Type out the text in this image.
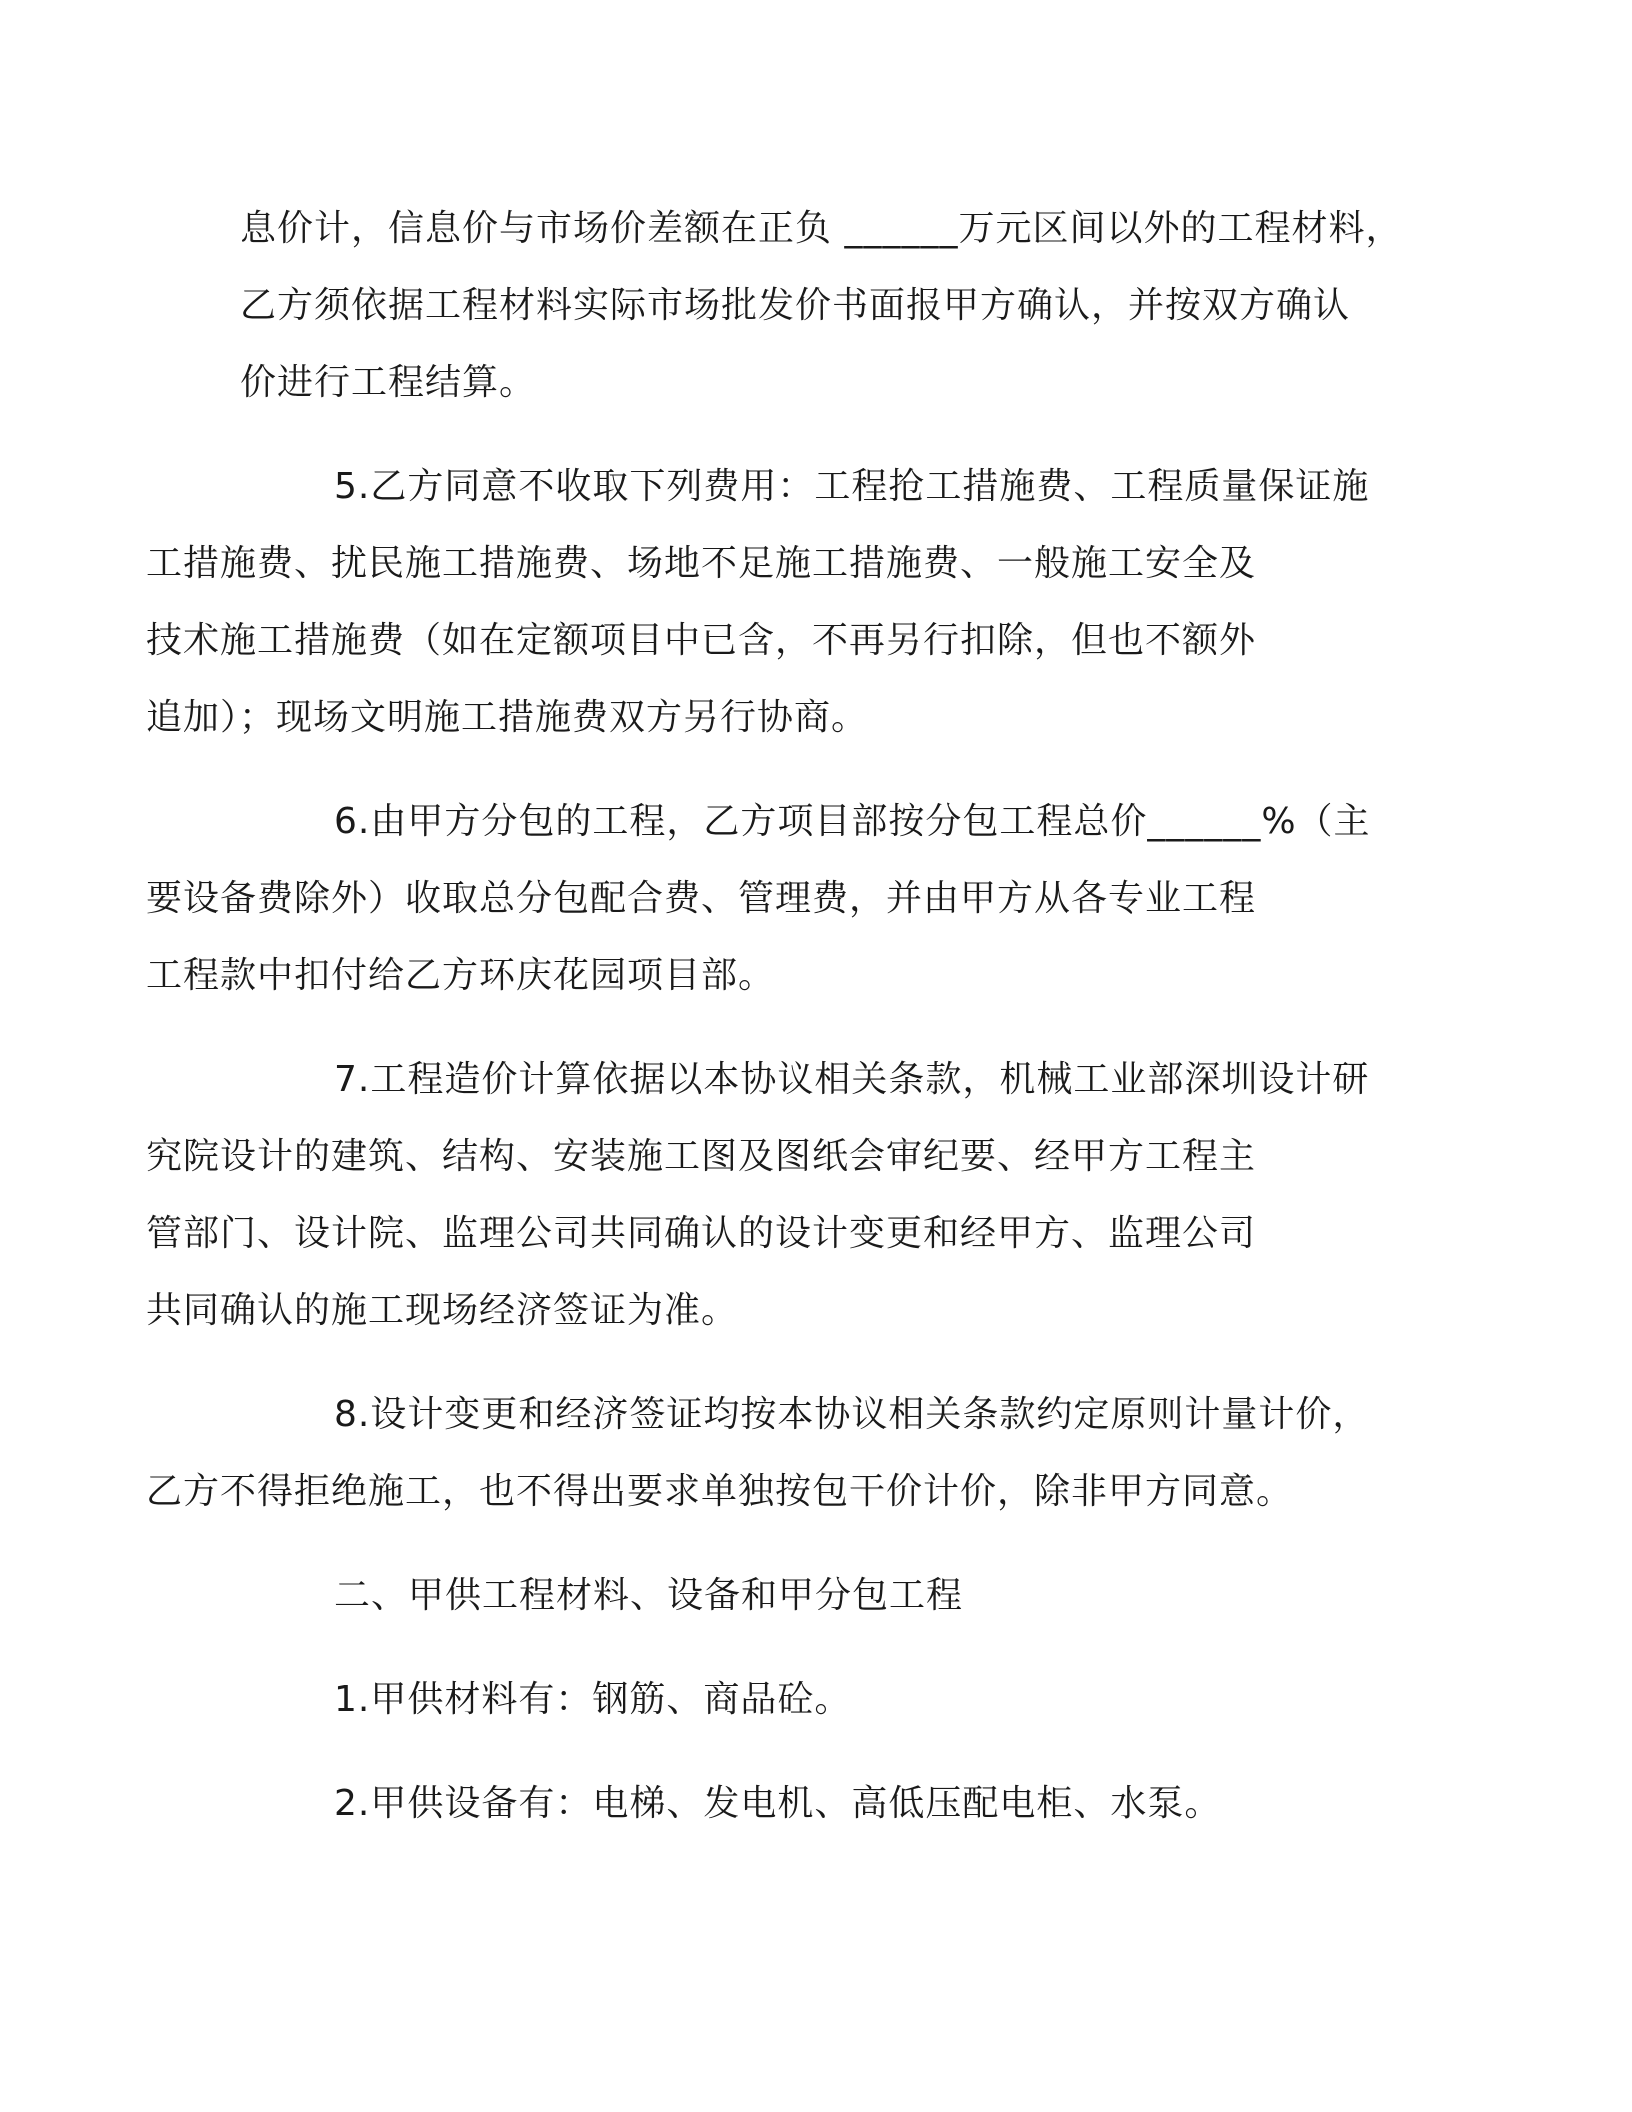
息价计，信息价与市场价差额在正负 ______万元区间以外的工程材料，
乙方须依据工程材料实际市场批发价书面报甲方确认，并按双方确认
价进行工程结算。

5.乙方同意不收取下列费用：工程抢工措施费、工程质量保证施
工措施费、扰民施工措施费、场地不足施工措施费、一般施工安全及
技术施工措施费（如在定额项目中已含，不再另行扣除，但也不额外
追加）；现场文明施工措施费双方另行协商。

6.由甲方分包的工程，乙方项目部按分包工程总价______%（主
要设备费除外）收取总分包配合费、管理费，并由甲方从各专业工程
工程款中扣付给乙方环庆花园项目部。

7.工程造价计算依据以本协议相关条款，机械工业部深圳设计研
究院设计的建筑、结构、安装施工图及图纸会审纪要、经甲方工程主
管部门、设计院、监理公司共同确认的设计变更和经甲方、监理公司
共同确认的施工现场经济签证为准。

8.设计变更和经济签证均按本协议相关条款约定原则计量计价，
乙方不得拒绝施工，也不得出要求单独按包干价计价，除非甲方同意。

二、甲供工程材料、设备和甲分包工程

1.甲供材料有：钢筋、商品砼。

2.甲供设备有：电梯、发电机、高低压配电柜、水泵。
